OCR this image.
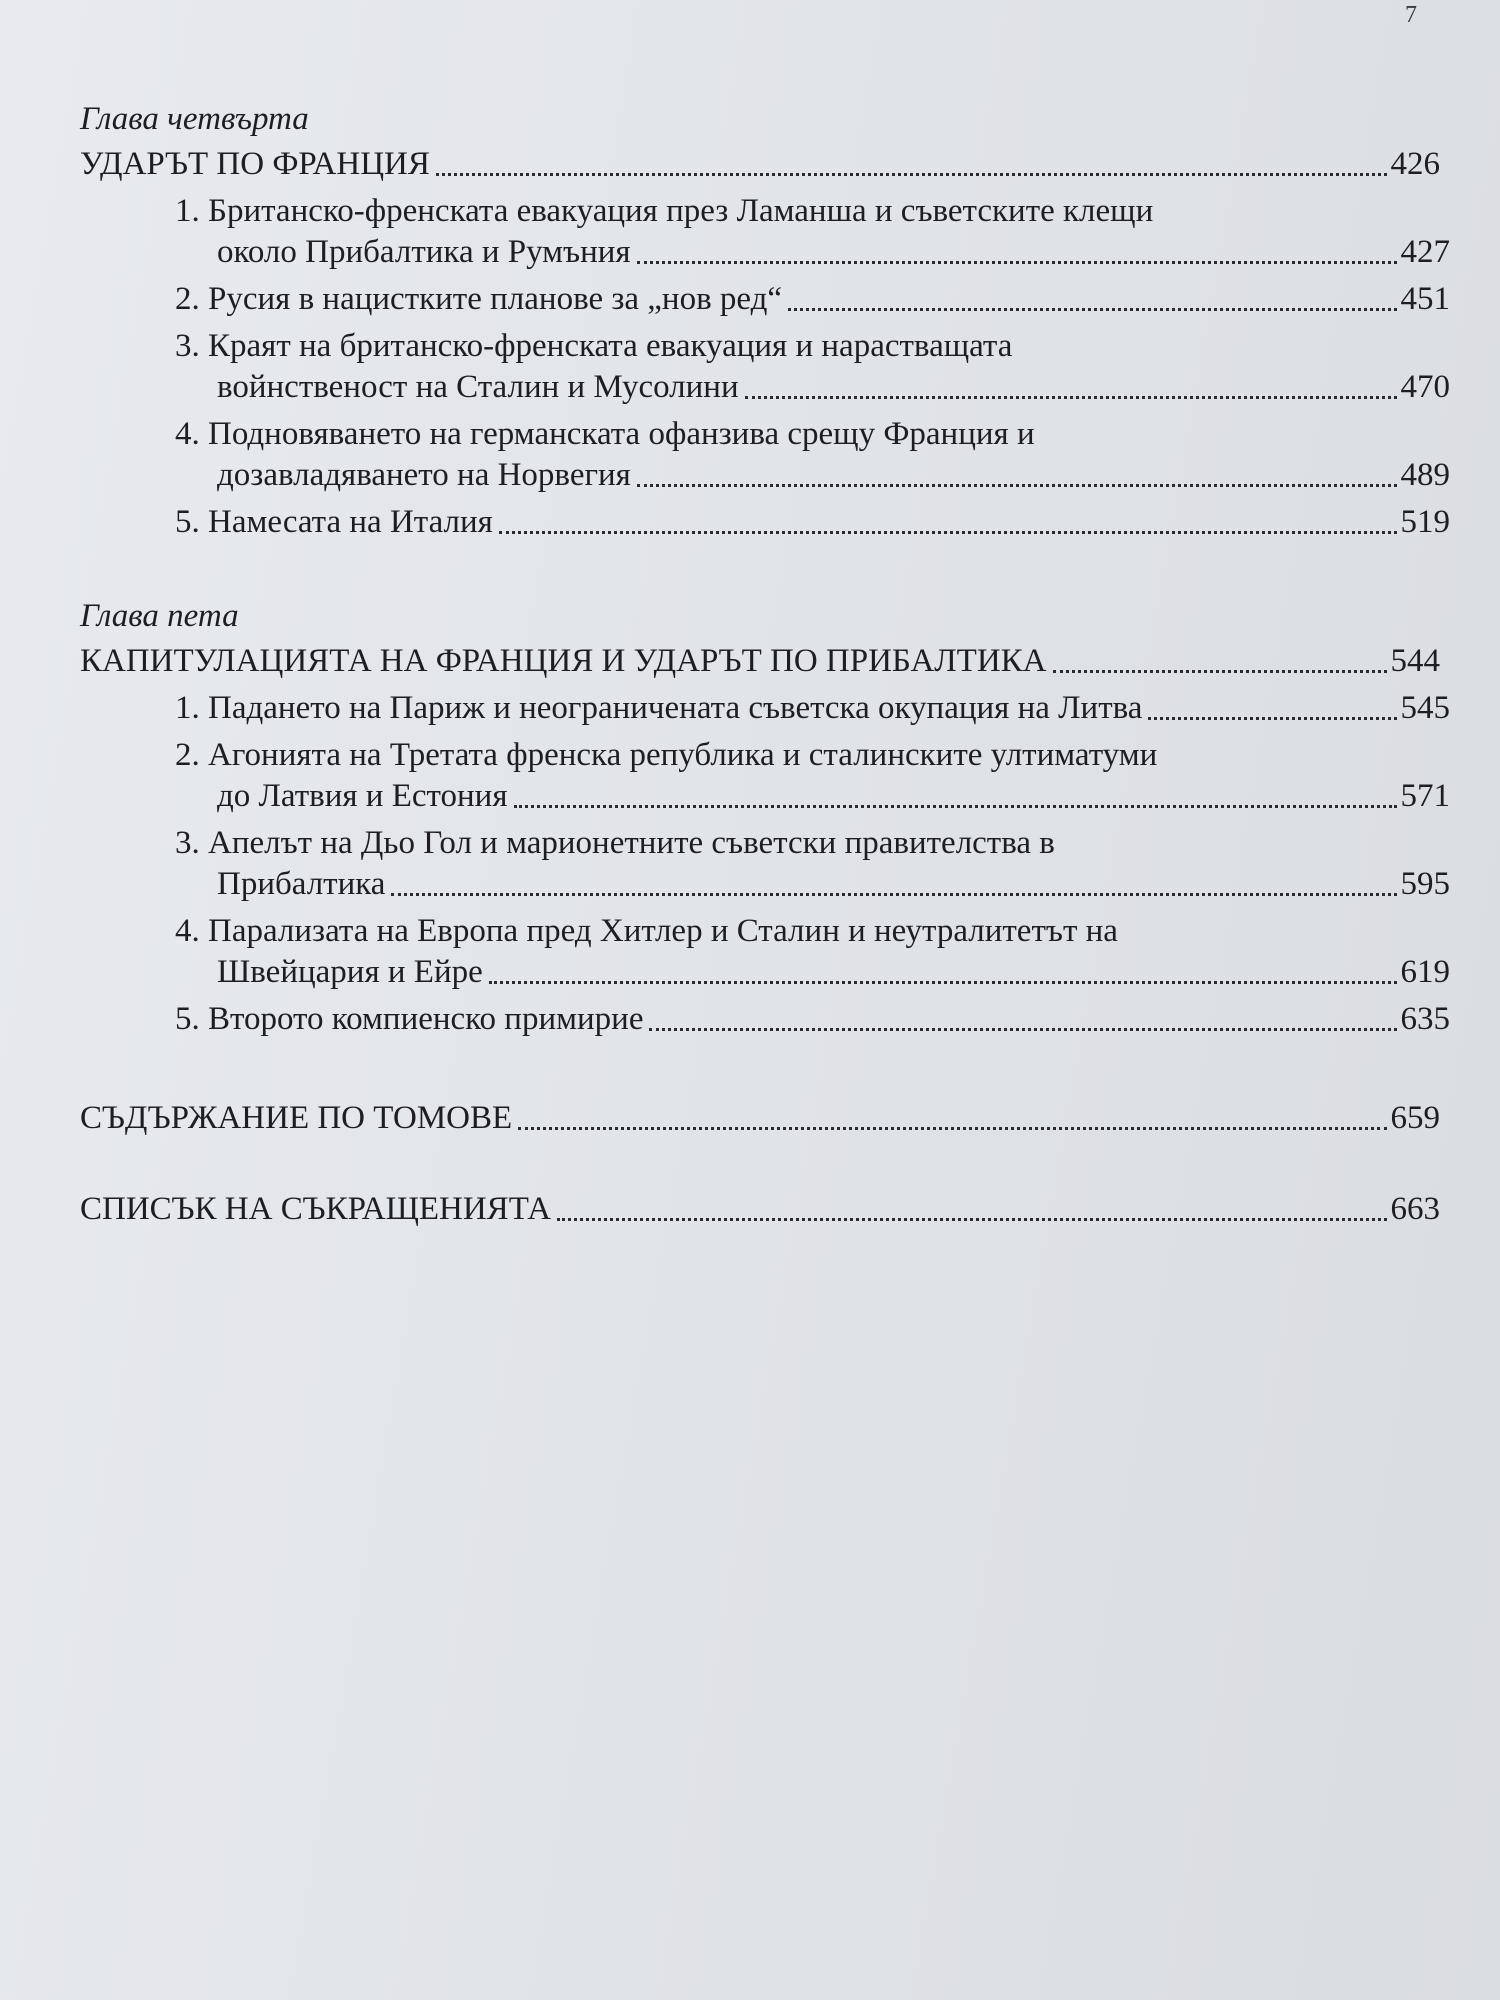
7
Глава четвърта
УДАРЪТ ПО ФРАНЦИЯ	426
1. Британско-френската евакуация през Ламанша и съветските клещи
около Прибалтика и Румъния	427
2. Русия в нацистките планове за „нов ред“	451
3. Краят на британско-френската евакуация и нарастващата
войнственост на Сталин и Мусолини	470
4. Подновяването на германската офанзива срещу Франция и
дозавладяването на Норвегия	489
5. Намесата на Италия	519
Глава пета
КАПИТУЛАЦИЯТА НА ФРАНЦИЯ И УДАРЪТ ПО ПРИБАЛТИКА	544
1. Падането на Париж и неограничената съветска окупация на Литва	545
2. Агонията на Третата френска република и сталинските ултиматуми
до Латвия и Естония	571
3. Апелът на Дьо Гол и марионетните съветски правителства в
Прибалтика	595
4. Парализата на Европа пред Хитлер и Сталин и неутралитетът на
Швейцария и Ейре	619
5. Второто компиенско примирие	635
СЪДЪРЖАНИЕ ПО ТОМОВЕ	659
СПИСЪК НА СЪКРАЩЕНИЯТА	663
